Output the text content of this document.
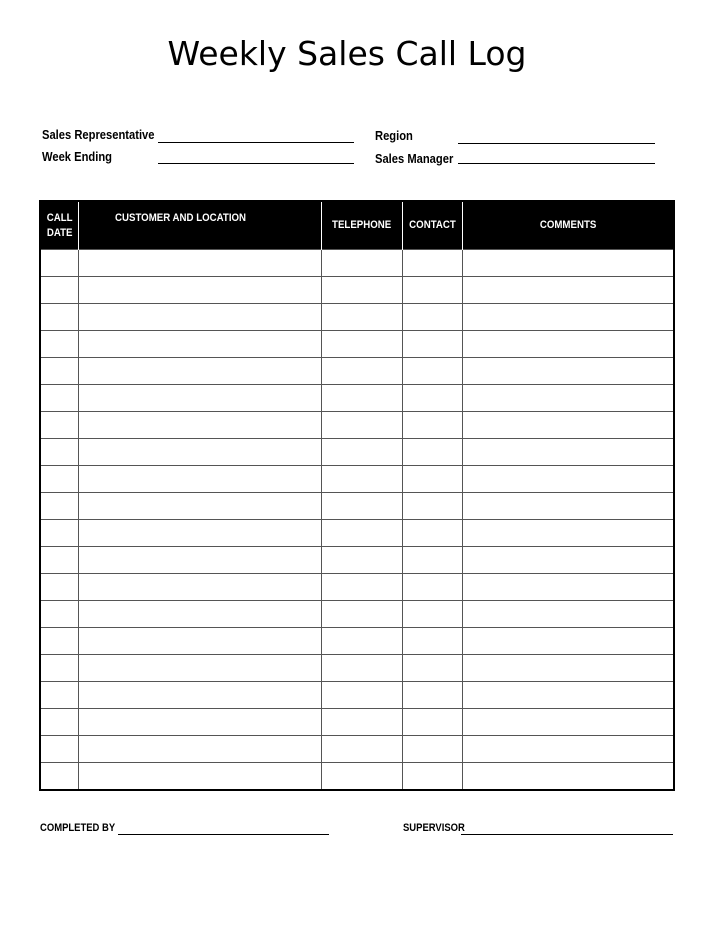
Weekly Sales Call Log
Sales Representative
Week Ending
Region
Sales Manager
CALL
DATE	CUSTOMER AND LOCATION	TELEPHONE	CONTACT	COMMENTS

COMPLETED BY	SUPERVISOR
